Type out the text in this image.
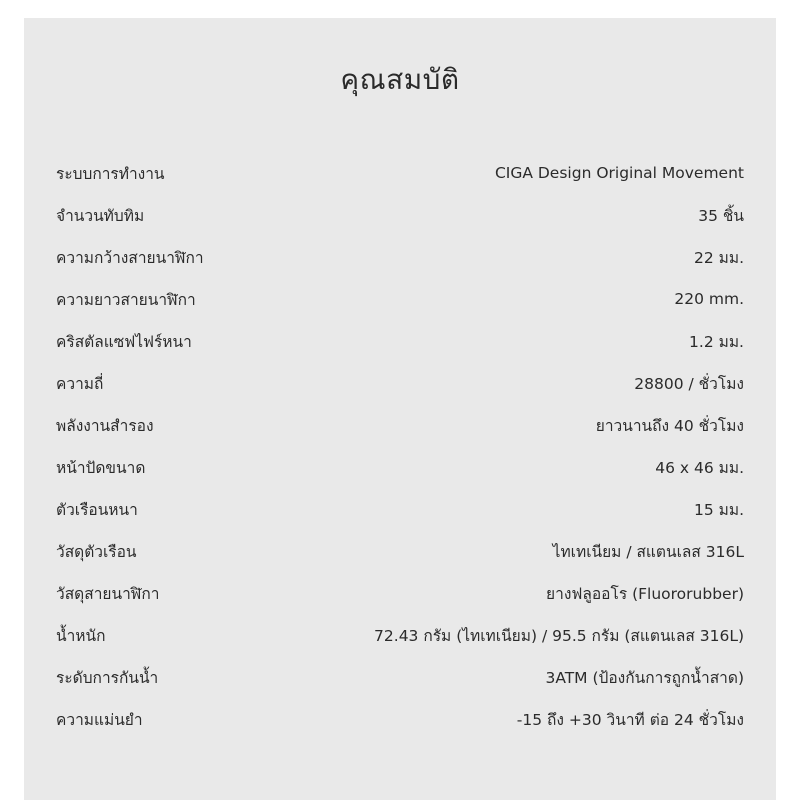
คุณสมบัติ
ระบบการทำงาน	CIGA Design Original Movement
จำนวนทับทิม	35 ชิ้น
ความกว้างสายนาฬิกา	22 มม.
ความยาวสายนาฬิกา	220 mm.
คริสตัลแซฟไฟร์หนา	1.2 มม.
ความถี่	28800 / ชั่วโมง
พลังงานสำรอง	ยาวนานถึง 40 ชั่วโมง
หน้าปัดขนาด	46 x 46 มม.
ตัวเรือนหนา	15 มม.
วัสดุตัวเรือน	ไทเทเนียม / สแตนเลส 316L
วัสดุสายนาฬิกา	ยางฟลูออโร (Fluororubber)
น้ำหนัก	72.43 กรัม (ไทเทเนียม) / 95.5 กรัม (สแตนเลส 316L)
ระดับการกันน้ำ	3ATM (ป้องกันการถูกน้ำสาด)
ความแม่นยำ	-15 ถึง +30 วินาที ต่อ 24 ชั่วโมง
